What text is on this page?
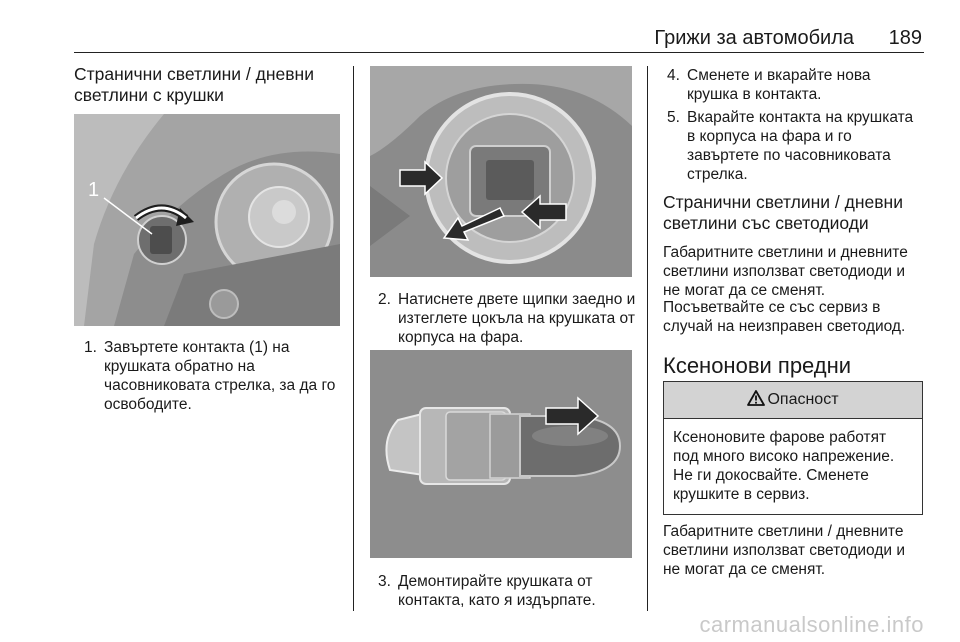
Грижи за автомобила 189

Странични светлини / дневни светлини с крушки

1
1. Завъртете контакта (1) на крушката обратно на часовниковата стрелка, за да го освободите.
2. Натиснете двете щипки заедно и изтеглете цокъла на крушката от корпуса на фара.
3. Демонтирайте крушката от контакта, като я издърпате.
4. Сменете и вкарайте нова крушка в контакта.
5. Вкарайте контакта на крушката в корпуса на фара и го завъртете по часовниковата стрелка.

Странични светлини / дневни светлини със светодиоди

Габаритните светлини и дневните светлини използват светодиоди и не могат да се сменят.

Посъветвайте се със сервиз в случай на неизправен светодиод.

Ксенонови предни

Опасност
Ксеноновите фарове работят под много високо напрежение. Не ги докосвайте. Сменете крушките в сервиз.

Габаритните светлини / дневните светлини използват светодиоди и не могат да се сменят.

carmanualsonline.info
